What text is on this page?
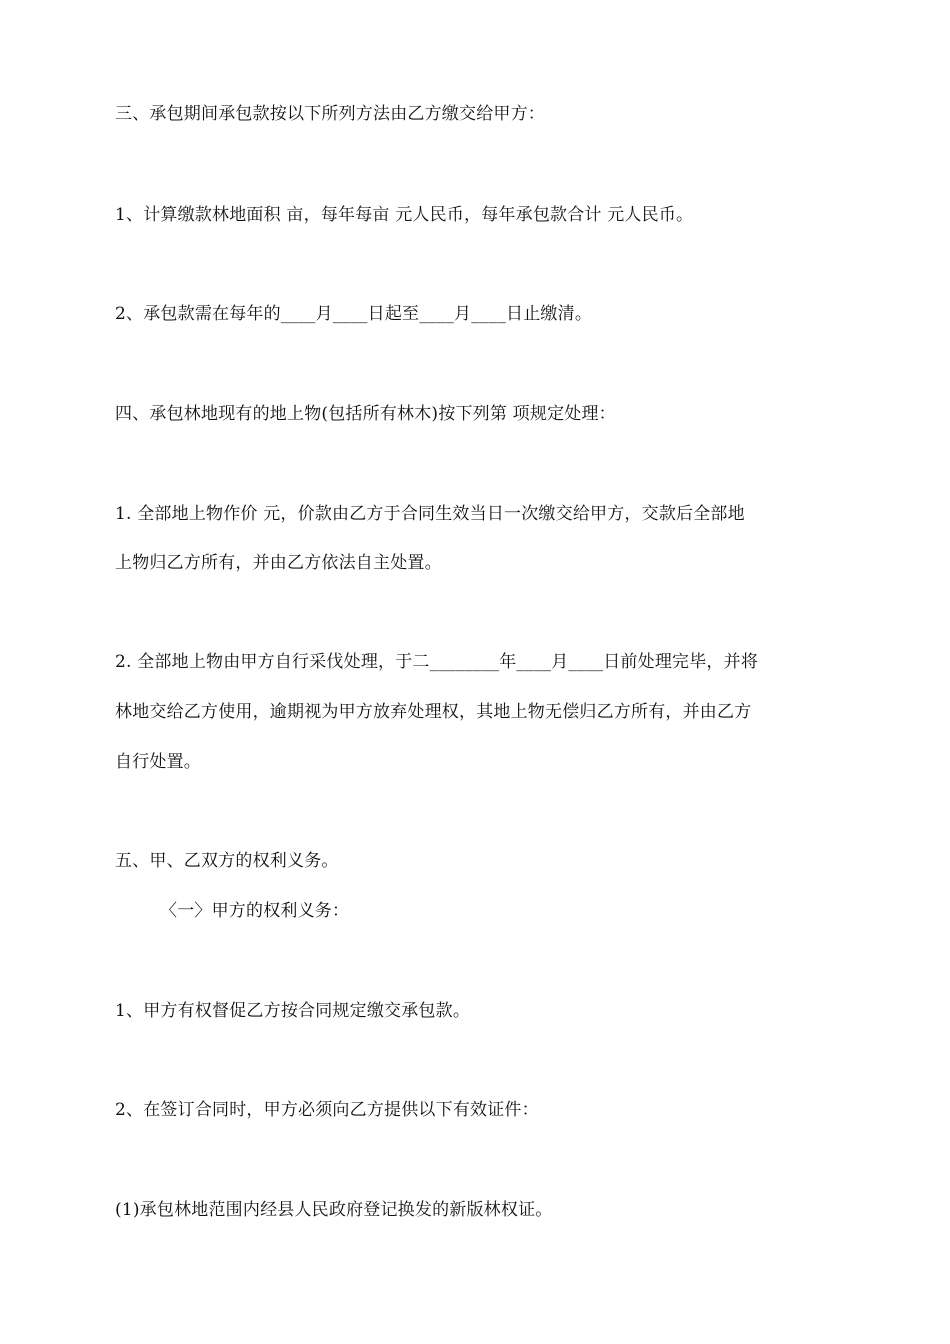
三、承包期间承包款按以下所列方法由乙方缴交给甲方：
1、计算缴款林地面积 亩，每年每亩 元人民币，每年承包款合计 元人民币。
2、承包款需在每年的____月____日起至____月____日止缴清。
四、承包林地现有的地上物(包括所有林木)按下列第 项规定处理：
1. 全部地上物作价 元，价款由乙方于合同生效当日一次缴交给甲方，交款后全部地
上物归乙方所有，并由乙方依法自主处置。
2. 全部地上物由甲方自行采伐处理，于二________年____月____日前处理完毕，并将
林地交给乙方使用，逾期视为甲方放弃处理权，其地上物无偿归乙方所有，并由乙方
自行处置。
五、甲、乙双方的权利义务。
〈一〉甲方的权利义务：
1、甲方有权督促乙方按合同规定缴交承包款。
2、在签订合同时，甲方必须向乙方提供以下有效证件：
(1)承包林地范围内经县人民政府登记换发的新版林权证。
